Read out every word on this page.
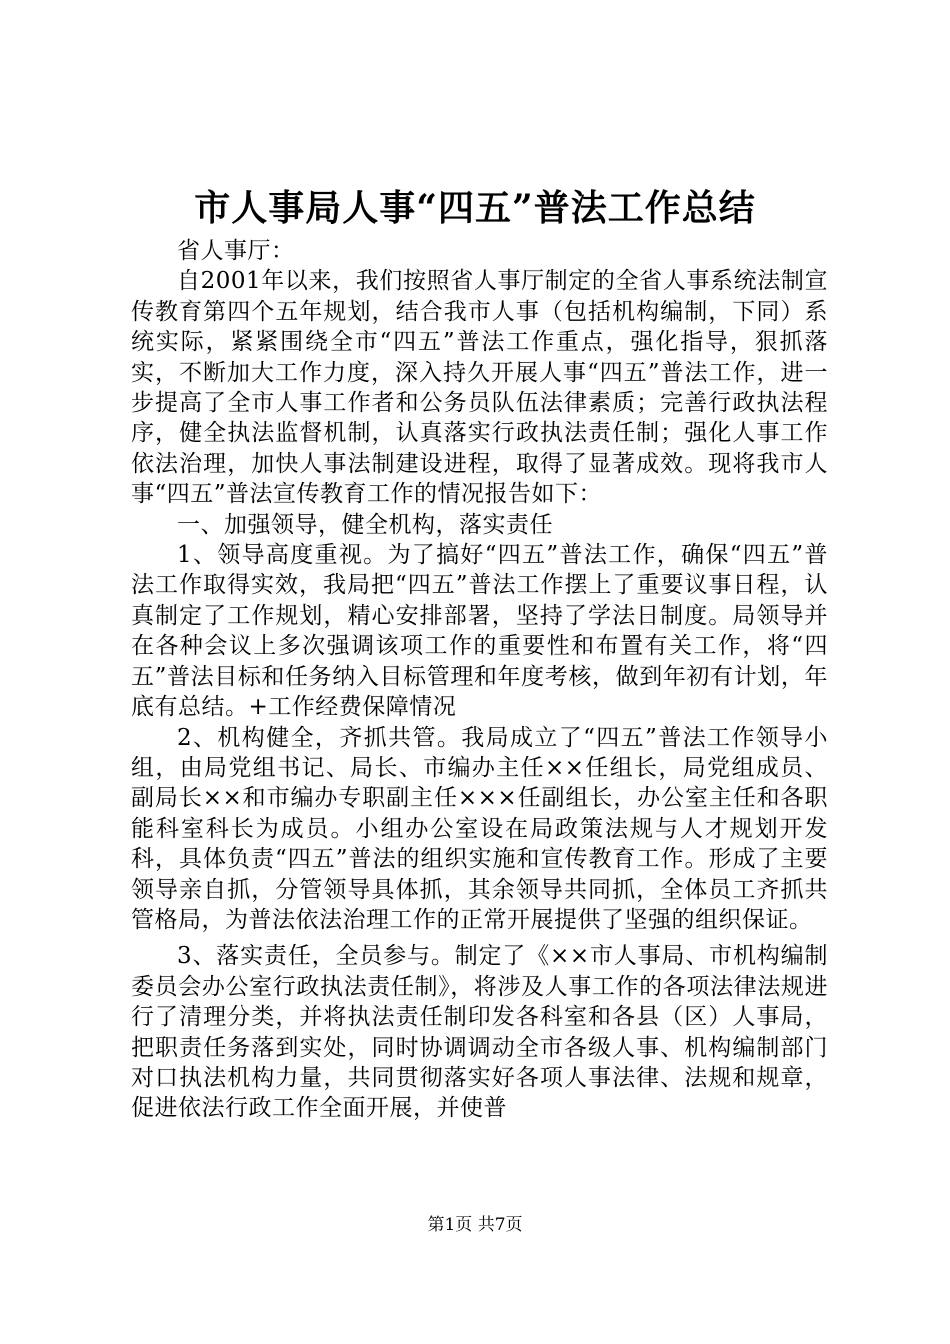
市人事局人事“四五”普法工作总结

省人事厅：

自2001年以来，我们按照省人事厅制定的全省人事系统法制宣传教育第四个五年规划，结合我市人事（包括机构编制，下同）系统实际，紧紧围绕全市“四五”普法工作重点，强化指导，狠抓落实，不断加大工作力度，深入持久开展人事“四五”普法工作，进一步提高了全市人事工作者和公务员队伍法律素质；完善行政执法程序，健全执法监督机制，认真落实行政执法责任制；强化人事工作依法治理，加快人事法制建设进程，取得了显著成效。现将我市人事“四五”普法宣传教育工作的情况报告如下：

一、加强领导，健全机构，落实责任

1、领导高度重视。为了搞好“四五”普法工作，确保“四五”普法工作取得实效，我局把“四五”普法工作摆上了重要议事日程，认真制定了工作规划，精心安排部署，坚持了学法日制度。局领导并在各种会议上多次强调该项工作的重要性和布置有关工作，将“四五”普法目标和任务纳入目标管理和年度考核，做到年初有计划，年底有总结。+工作经费保障情况

2、机构健全，齐抓共管。我局成立了“四五”普法工作领导小组，由局党组书记、局长、市编办主任××任组长，局党组成员、副局长××和市编办专职副主任×××任副组长，办公室主任和各职能科室科长为成员。小组办公室设在局政策法规与人才规划开发科，具体负责“四五”普法的组织实施和宣传教育工作。形成了主要领导亲自抓，分管领导具体抓，其余领导共同抓，全体员工齐抓共管格局，为普法依法治理工作的正常开展提供了坚强的组织保证。

3、落实责任，全员参与。制定了《××市人事局、市机构编制委员会办公室行政执法责任制》，将涉及人事工作的各项法律法规进行了清理分类，并将执法责任制印发各科室和各县（区）人事局，把职责任务落到实处，同时协调调动全市各级人事、机构编制部门对口执法机构力量，共同贯彻落实好各项人事法律、法规和规章，促进依法行政工作全面开展，并使普

第1页 共7页
